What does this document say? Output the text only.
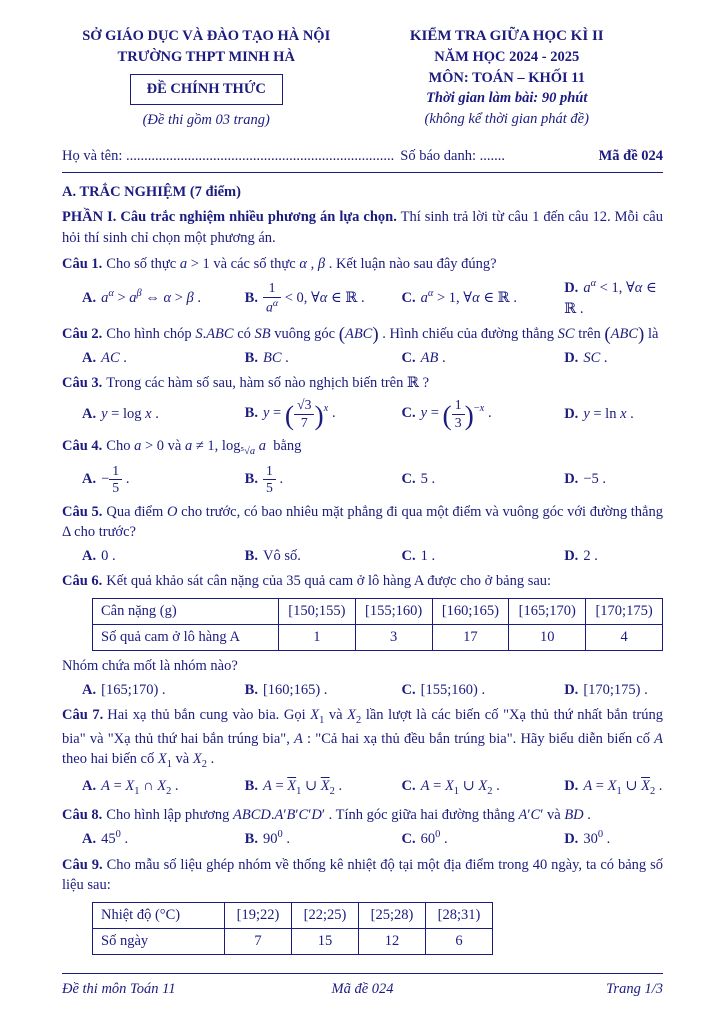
SỞ GIÁO DỤC VÀ ĐÀO TẠO HÀ NỘI
TRƯỜNG THPT MINH HÀ
ĐỀ CHÍNH THỨC
(Đề thi gồm 03 trang)
KIỂM TRA GIỮA HỌC KÌ II
NĂM HỌC 2024 - 2025
MÔN: TOÁN – KHỐI 11
Thời gian làm bài: 90 phút
(không kể thời gian phát đề)
Họ và tên: .......................................................................... Số báo danh: .......	Mã đề 024

A. TRẮC NGHIỆM (7 điểm)

PHẦN I. Câu trắc nghiệm nhiều phương án lựa chọn. Thí sinh trả lời từ câu 1 đến câu 12. Mỗi câu hỏi thí sinh chỉ chọn một phương án.

Câu 1. Cho số thực a > 1 và các số thực α , β . Kết luận nào sau đây đúng?

A. $a^\alpha > a^\beta$ ⇔ α > β .	B. $\frac{1}{a^\alpha} < 0$, ∀α ∈ ℝ .	C. $a^\alpha > 1$, ∀α ∈ ℝ .
D. $a^\alpha < 1$, ∀α ∈ ℝ .

Câu 2. Cho hình chóp S.ABC có SB vuông góc (ABC) . Hình chiếu của đường thẳng SC trên (ABC) là

A. AC .	B. BC .	C. AB .	D. SC .

Câu 3. Trong các hàm số sau, hàm số nào nghịch biến trên ℝ ?

A. y = log x .	B. y = ( $\frac{√3}{7} )^x$ .	C. y = ( $\frac{1}{3} )^{-x}$ .	D. y = ln x .

Câu 4. Cho a > 0 và a ≠ 1, $\log_{^5√a} a$  bằng

A. − $\frac{1}{5}$ .	B. $\frac{1}{5}$ .	C. 5 .	D. −5 .

Câu 5. Qua điểm O cho trước, có bao nhiêu mặt phẳng đi qua một điểm và vuông góc với đường thẳng Δ cho trước?

A. 0 .	B. Vô số.	C. 1 .	D. 2 .

Câu 6. Kết quả khảo sát cân nặng của 35 quả cam ở lô hàng A được cho ở bảng sau:

Cân nặng (g)	[150;155)	[155;160)	[160;165)	[165;170)	[170;175)
Số quả cam ở lô hàng A	1	3	17	10	4

Nhóm chứa mốt là nhóm nào?

A. [165;170) .	B. [160;165) .	C. [155;160) .	D. [170;175) .

Câu 7. Hai xạ thủ bắn cung vào bia. Gọi $X_1$ và $X_2$ lần lượt là các biến cố "Xạ thủ thứ nhất bắn trúng bia" và "Xạ thủ thứ hai bắn trúng bia", A : "Cả hai xạ thủ đều bắn trúng bia". Hãy biểu diễn biến cố A theo hai biến cố $X_1$ và $X_2$ .

A. $A = X_1$ ∩ $X_2$ .	B. $A = \overline{X}_1$ ∪ $\overline{X}_2$ .	C. $A = X_1$ ∪ $X_2$ .	D. $A = X_1$ ∪ $\overline{X}_2$ .

Câu 8. Cho hình lập phương ABCD.A′B′C′D′ . Tính góc giữa hai đường thẳng A′C′ và BD .

A. $45^0$ .	B. $90^0$ .	C. $60^0$ .	D. $30^0$ .

Câu 9. Cho mẫu số liệu ghép nhóm về thống kê nhiệt độ tại một địa điểm trong 40 ngày, ta có bảng số liệu sau:

Nhiệt độ (°C)	[19;22)	[22;25)	[25;28)	[28;31)
Số ngày	7	15	12	6
Đề thi môn Toán 11	Mã đề 024	Trang 1/3
